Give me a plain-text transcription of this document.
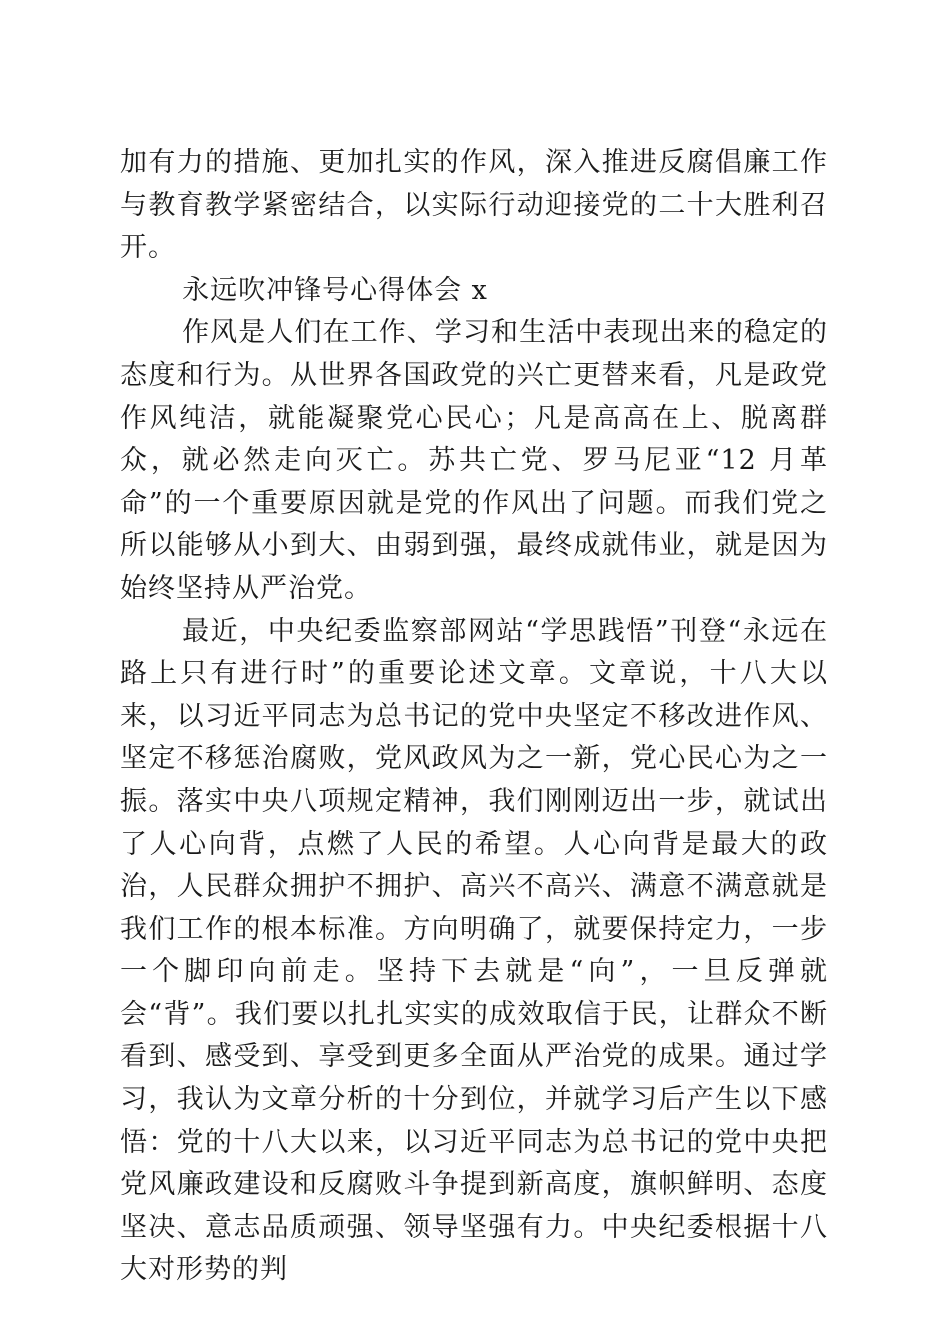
加有力的措施、更加扎实的作风，深入推进反腐倡廉工作与教育教学紧密结合，以实际行动迎接党的二十大胜利召开。

永远吹冲锋号心得体会 x

作风是人们在工作、学习和生活中表现出来的稳定的态度和行为。从世界各国政党的兴亡更替来看，凡是政党作风纯洁，就能凝聚党心民心；凡是高高在上、脱离群众，就必然走向灭亡。苏共亡党、罗马尼亚“12 月革命”的一个重要原因就是党的作风出了问题。而我们党之所以能够从小到大、由弱到强，最终成就伟业，就是因为始终坚持从严治党。

最近，中央纪委监察部网站“学思践悟”刊登“永远在路上只有进行时”的重要论述文章。文章说，十八大以来，以习近平同志为总书记的党中央坚定不移改进作风、坚定不移惩治腐败，党风政风为之一新，党心民心为之一振。落实中央八项规定精神，我们刚刚迈出一步，就试出了人心向背，点燃了人民的希望。人心向背是最大的政治，人民群众拥护不拥护、高兴不高兴、满意不满意就是我们工作的根本标准。方向明确了，就要保持定力，一步一个脚印向前走。坚持下去就是“向”，一旦反弹就会“背”。我们要以扎扎实实的成效取信于民，让群众不断看到、感受到、享受到更多全面从严治党的成果。通过学习，我认为文章分析的十分到位，并就学习后产生以下感悟：党的十八大以来，以习近平同志为总书记的党中央把党风廉政建设和反腐败斗争提到新高度，旗帜鲜明、态度坚决、意志品质顽强、领导坚强有力。中央纪委根据十八大对形势的判
